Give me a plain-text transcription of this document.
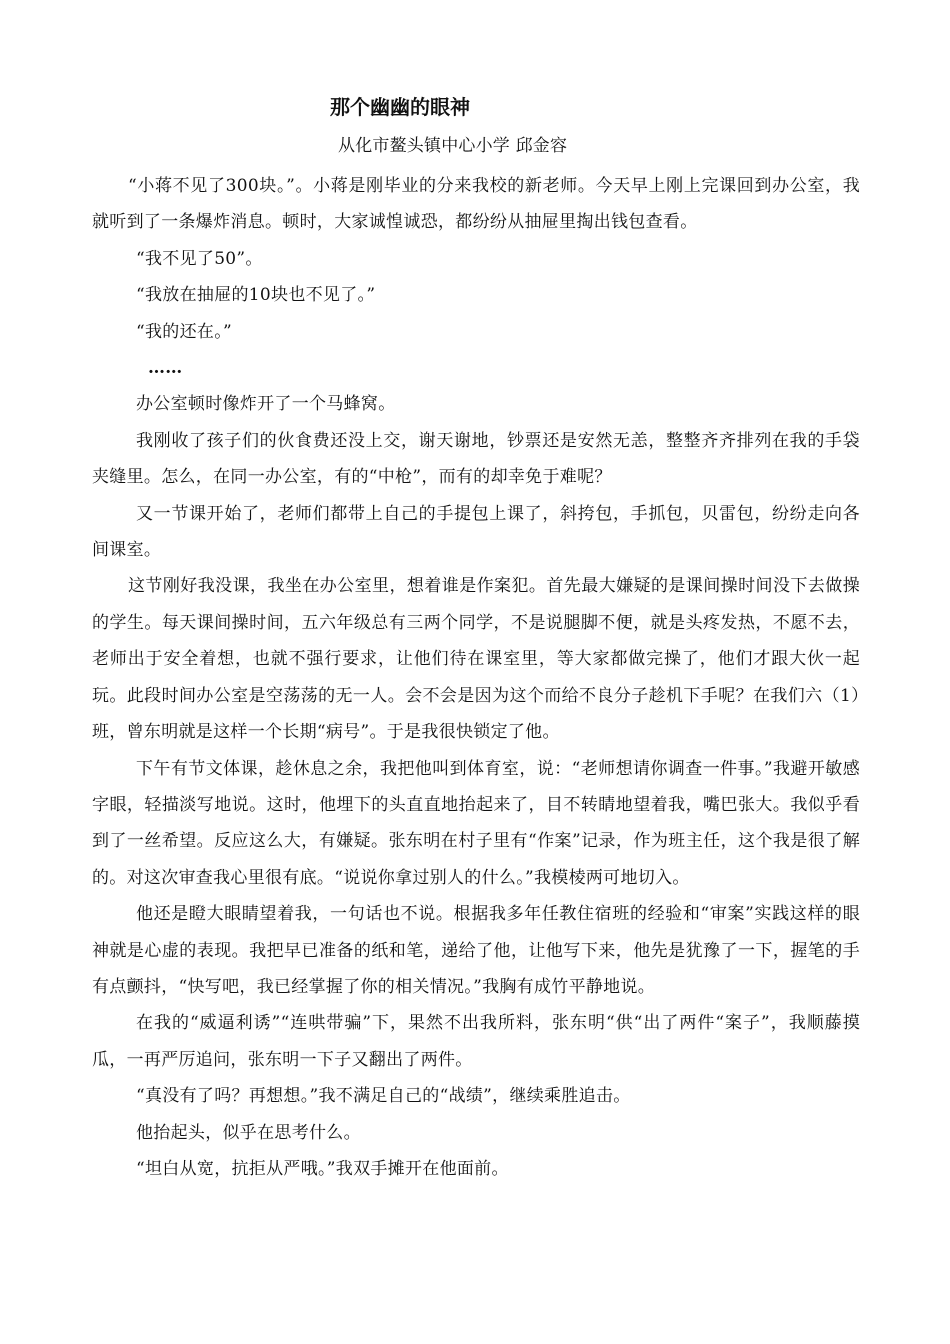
那个幽幽的眼神
从化市鳌头镇中心小学 邱金容

“小蒋不见了300块。”。小蒋是刚毕业的分来我校的新老师。今天早上刚上完课回到办公室，我就听到了一条爆炸消息。顿时，大家诚惶诚恐，都纷纷从抽屉里掏出钱包查看。

“我不见了50”。

“我放在抽屉的10块也不见了。”

“我的还在。”

……

办公室顿时像炸开了一个马蜂窝。

我刚收了孩子们的伙食费还没上交，谢天谢地，钞票还是安然无恙，整整齐齐排列在我的手袋夹缝里。怎么，在同一办公室，有的“中枪”，而有的却幸免于难呢？

又一节课开始了，老师们都带上自己的手提包上课了，斜挎包，手抓包，贝雷包，纷纷走向各间课室。

这节刚好我没课，我坐在办公室里，想着谁是作案犯。首先最大嫌疑的是课间操时间没下去做操的学生。每天课间操时间，五六年级总有三两个同学，不是说腿脚不便，就是头疼发热，不愿不去，老师出于安全着想，也就不强行要求，让他们待在课室里，等大家都做完操了，他们才跟大伙一起玩。此段时间办公室是空荡荡的无一人。会不会是因为这个而给不良分子趁机下手呢？在我们六（1）班，曾东明就是这样一个长期“病号”。于是我很快锁定了他。

下午有节文体课，趁休息之余，我把他叫到体育室，说：“老师想请你调查一件事。”我避开敏感字眼，轻描淡写地说。这时，他埋下的头直直地抬起来了，目不转睛地望着我，嘴巴张大。我似乎看到了一丝希望。反应这么大，有嫌疑。张东明在村子里有“作案”记录，作为班主任，这个我是很了解的。对这次审查我心里很有底。“说说你拿过别人的什么。”我模棱两可地切入。

他还是瞪大眼睛望着我，一句话也不说。根据我多年任教住宿班的经验和“审案”实践这样的眼神就是心虚的表现。我把早已准备的纸和笔，递给了他，让他写下来，他先是犹豫了一下，握笔的手有点颤抖，“快写吧，我已经掌握了你的相关情况。”我胸有成竹平静地说。

在我的“威逼利诱”“连哄带骗”下，果然不出我所料，张东明“供“出了两件“案子”，我顺藤摸瓜，一再严厉追问，张东明一下子又翻出了两件。

“真没有了吗？再想想。”我不满足自己的“战绩”，继续乘胜追击。

他抬起头，似乎在思考什么。

“坦白从宽，抗拒从严哦。”我双手摊开在他面前。
